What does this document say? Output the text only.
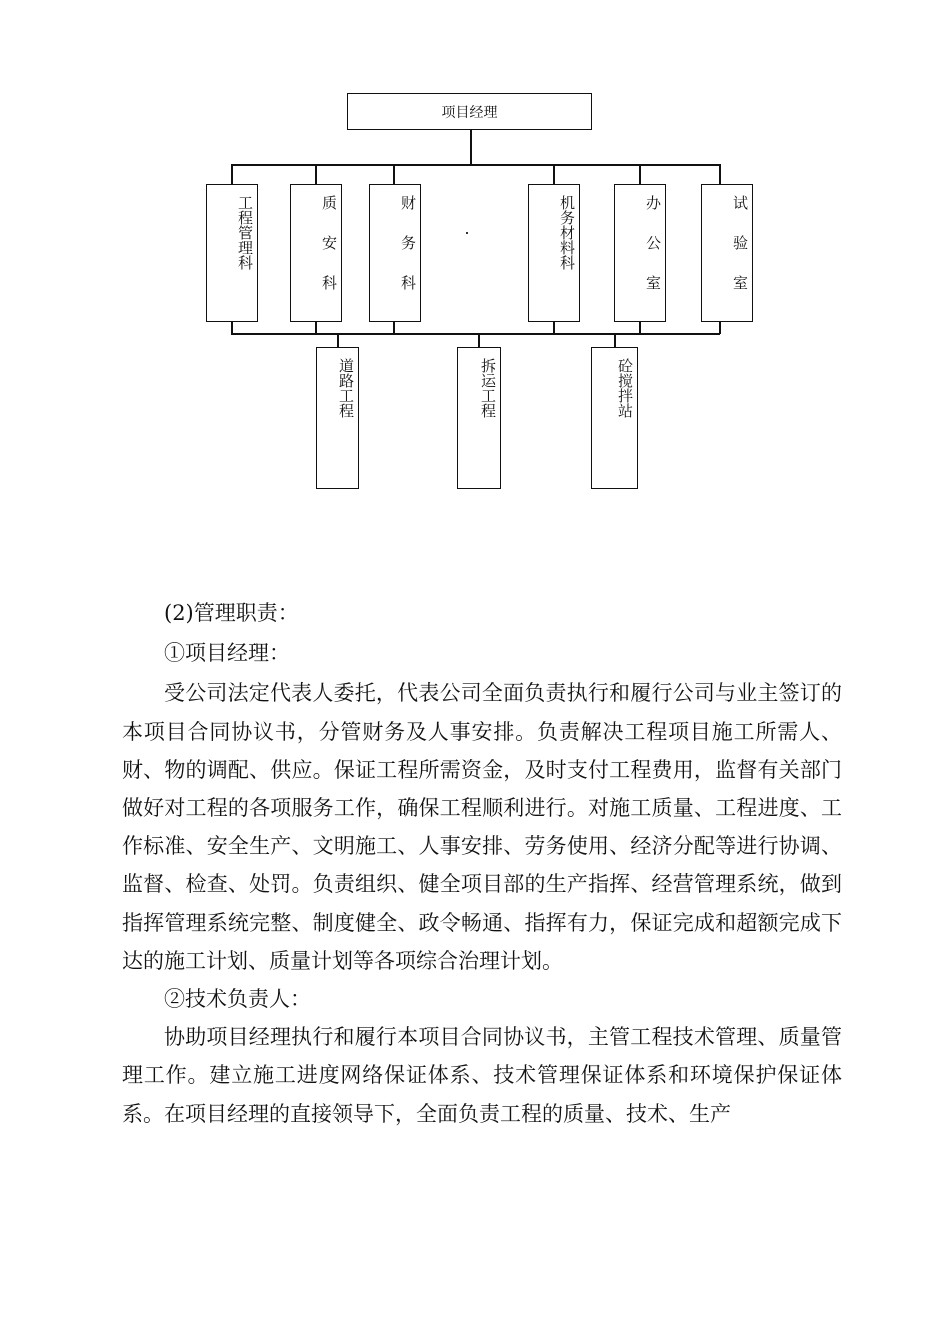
项目经理
工程管理科	质安科	财务科	机务材料科	办公室	试验室
道路工程	拆运工程	砼搅拌站

(2)管理职责：

①项目经理：

受公司法定代表人委托，代表公司全面负责执行和履行公司与业主签订的本项目合同协议书，分管财务及人事安排。负责解决工程项目施工所需人、财、物的调配、供应。保证工程所需资金，及时支付工程费用，监督有关部门做好对工程的各项服务工作，确保工程顺利进行。对施工质量、工程进度、工作标准、安全生产、文明施工、人事安排、劳务使用、经济分配等进行协调、监督、检查、处罚。负责组织、健全项目部的生产指挥、经营管理系统，做到指挥管理系统完整、制度健全、政令畅通、指挥有力，保证完成和超额完成下达的施工计划、质量计划等各项综合治理计划。

②技术负责人：

协助项目经理执行和履行本项目合同协议书，主管工程技术管理、质量管理工作。建立施工进度网络保证体系、技术管理保证体系和环境保护保证体系。在项目经理的直接领导下，全面负责工程的质量、技术、生产
